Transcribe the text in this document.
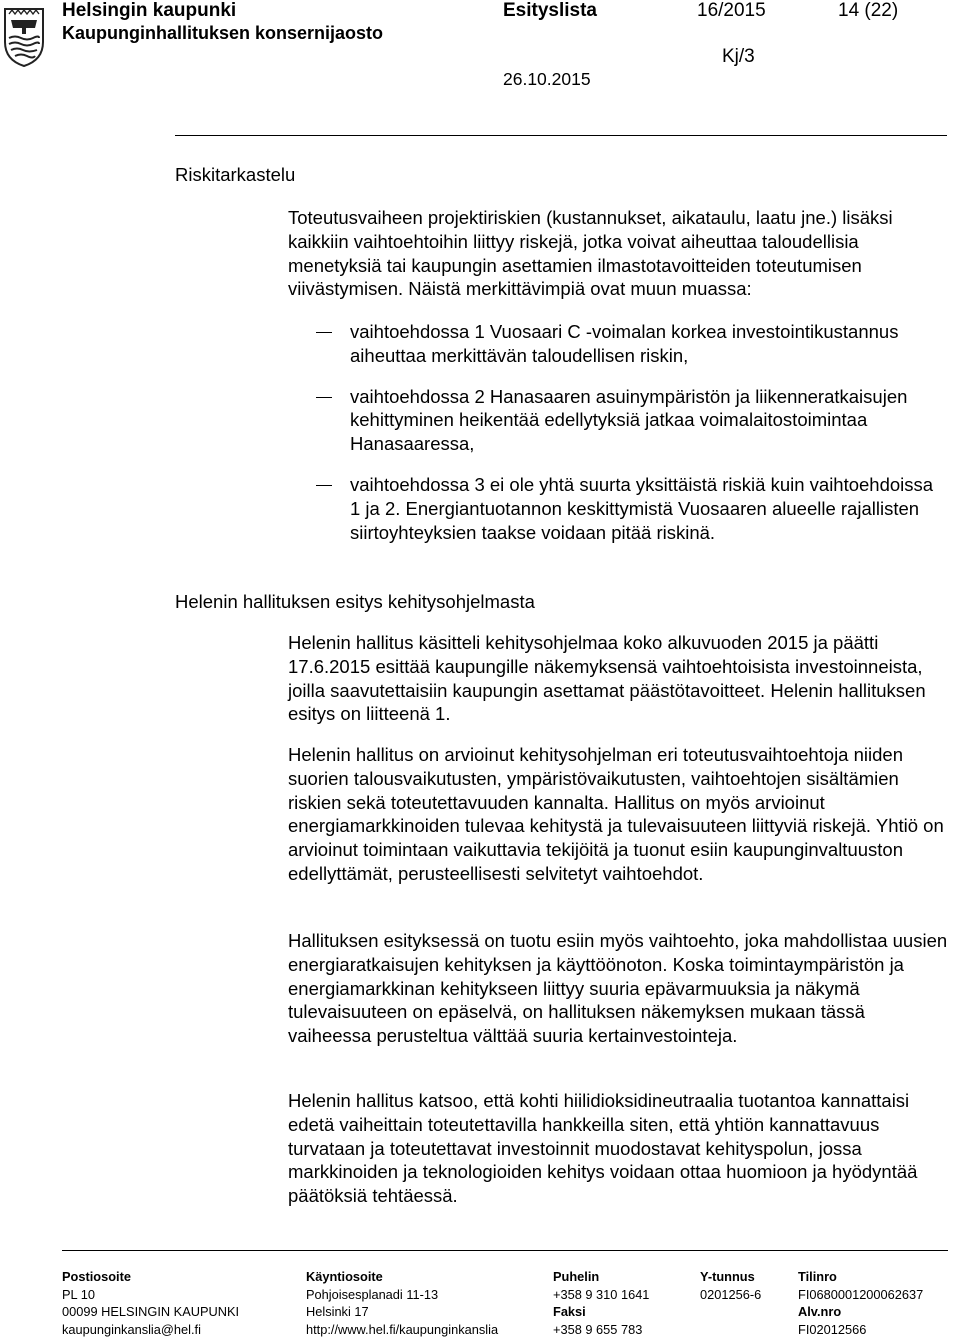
Helsingin kaupunki
Kaupunginhallituksen konsernijaosto
Esityslista	16/2015	14 (22)
Kj/3
26.10.2015
Riskitarkastelu
Toteutusvaiheen projektiriskien (kustannukset, aikataulu, laatu jne.) lisäksi kaikkiin vaihtoehtoihin liittyy riskejä, jotka voivat aiheuttaa taloudellisia menetyksiä tai kaupungin asettamien ilmastotavoitteiden toteutumisen viivästymisen. Näistä merkittävimpiä ovat muun muassa:
vaihtoehdossa 1 Vuosaari C -voimalan korkea investointikustannus aiheuttaa merkittävän taloudellisen riskin,
vaihtoehdossa 2 Hanasaaren asuinympäristön ja liikenneratkaisujen kehittyminen heikentää edellytyksiä jatkaa voimalaitostoimintaa Hanasaaressa,
vaihtoehdossa 3 ei ole yhtä suurta yksittäistä riskiä kuin vaihtoehdoissa 1 ja 2. Energiantuotannon keskittymistä Vuosaaren alueelle rajallisten siirtoyhteyksien taakse voidaan pitää riskinä.
Helenin hallituksen esitys kehitysohjelmasta
Helenin hallitus käsitteli kehitysohjelmaa koko alkuvuoden 2015 ja päätti 17.6.2015 esittää kaupungille näkemyksensä vaihtoehtoisista investoinneista, joilla saavutettaisiin kaupungin asettamat päästötavoitteet. Helenin hallituksen esitys on liitteenä 1.
Helenin hallitus on arvioinut kehitysohjelman eri toteutusvaihtoehtoja niiden suorien talousvaikutusten, ympäristövaikutusten, vaihtoehtojen sisältämien riskien sekä toteutettavuuden kannalta. Hallitus on myös arvioinut energiamarkkinoiden tulevaa kehitystä ja tulevaisuuteen liittyviä riskejä. Yhtiö on arvioinut toimintaan vaikuttavia tekijöitä ja tuonut esiin kaupunginvaltuuston edellyttämät, perusteellisesti selvitetyt vaihtoehdot.
Hallituksen esityksessä on tuotu esiin myös vaihtoehto, joka mahdollistaa uusien energiaratkaisujen kehityksen ja käyttöönoton. Koska toimintaympäristön ja energiamarkkinan kehitykseen liittyy suuria epävarmuuksia ja näkymä tulevaisuuteen on epäselvä, on hallituksen näkemyksen mukaan tässä vaiheessa perusteltua välttää suuria kertainvestointeja.
Helenin hallitus katsoo, että kohti hiilidioksidineutraalia tuotantoa kannattaisi edetä vaiheittain toteutettavilla hankkeilla siten, että yhtiön kannattavuus turvataan ja toteutettavat investoinnit muodostavat kehityspolun, jossa markkinoiden ja teknologioiden kehitys voidaan ottaa huomioon ja hyödyntää päätöksiä tehtäessä.
Postiosoite
PL 10
00099 HELSINGIN KAUPUNKI
kaupunginkanslia@hel.fi
Käyntiosoite
Pohjoisesplanadi 11-13
Helsinki 17
http://www.hel.fi/kaupunginkanslia
Puhelin
+358 9 310 1641
Faksi
+358 9 655 783
Y-tunnus
0201256-6
Tilinro
FI0680001200062637
Alv.nro
FI02012566
